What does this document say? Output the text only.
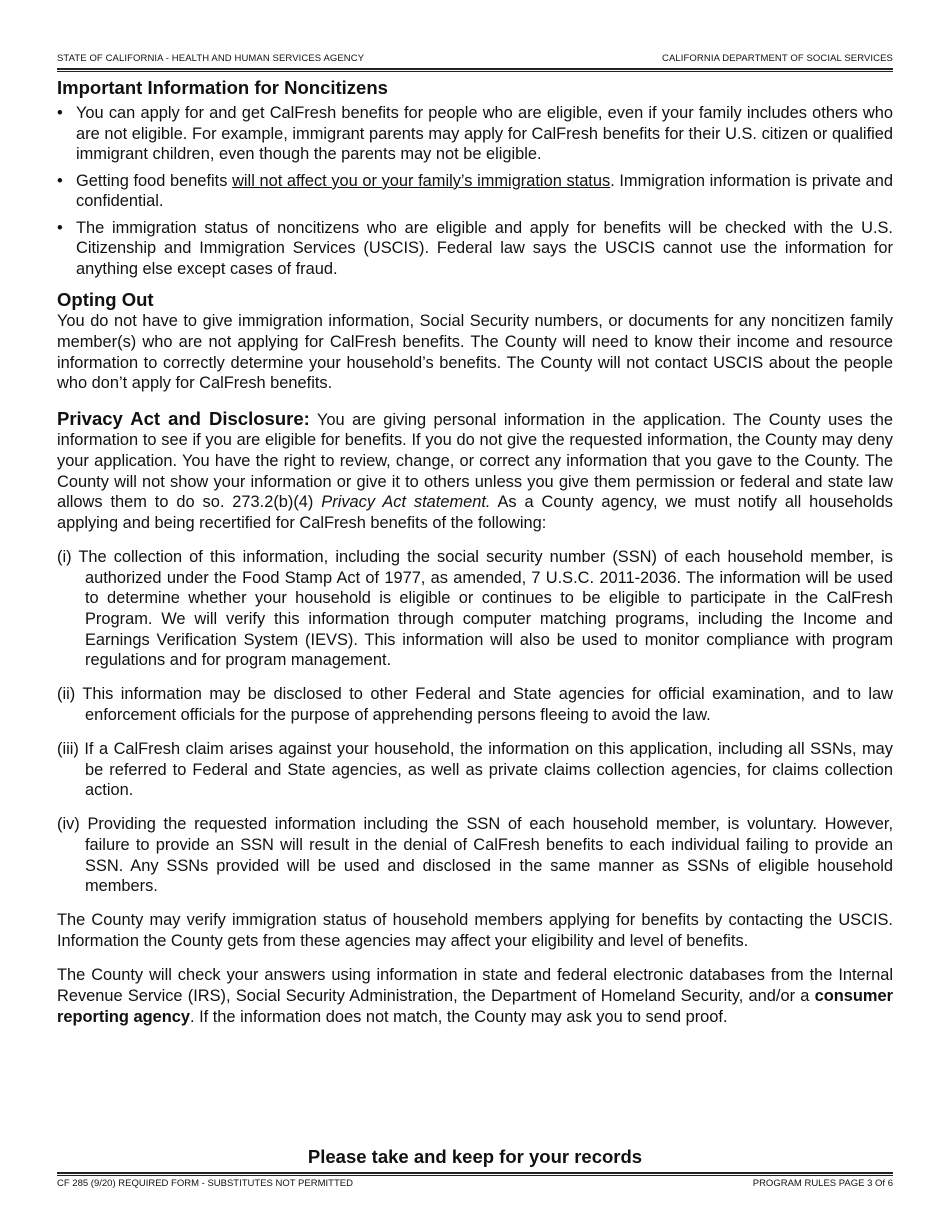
STATE OF CALIFORNIA - HEALTH AND HUMAN SERVICES AGENCY	CALIFORNIA DEPARTMENT OF SOCIAL SERVICES
Important Information for Noncitizens
• You can apply for and get CalFresh benefits for people who are eligible, even if your family includes others who are not eligible. For example, immigrant parents may apply for CalFresh benefits for their U.S. citizen or qualified immigrant children, even though the parents may not be eligible.
• Getting food benefits will not affect you or your family’s immigration status. Immigration information is private and confidential.
• The immigration status of noncitizens who are eligible and apply for benefits will be checked with the U.S. Citizenship and Immigration Services (USCIS). Federal law says the USCIS cannot use the information for anything else except cases of fraud.
Opting Out

You do not have to give immigration information, Social Security numbers, or documents for any noncitizen family member(s) who are not applying for CalFresh benefits. The County will need to know their income and resource information to correctly determine your household’s benefits. The County will not contact USCIS about the people who don’t apply for CalFresh benefits.

Privacy Act and Disclosure: You are giving personal information in the application. The County uses the information to see if you are eligible for benefits. If you do not give the requested information, the County may deny your application. You have the right to review, change, or correct any information that you gave to the County. The County will not show your information or give it to others unless you give them permission or federal and state law allows them to do so. 273.2(b)(4) Privacy Act statement. As a County agency, we must notify all households applying and being recertified for CalFresh benefits of the following:

(i) The collection of this information, including the social security number (SSN) of each household member, is authorized under the Food Stamp Act of 1977, as amended, 7 U.S.C. 2011-2036. The information will be used to determine whether your household is eligible or continues to be eligible to participate in the CalFresh Program. We will verify this information through computer matching programs, including the Income and Earnings Verification System (IEVS). This information will also be used to monitor compliance with program regulations and for program management.
(ii) This information may be disclosed to other Federal and State agencies for official examination, and to law enforcement officials for the purpose of apprehending persons fleeing to avoid the law.
(iii) If a CalFresh claim arises against your household, the information on this application, including all SSNs, may be referred to Federal and State agencies, as well as private claims collection agencies, for claims collection action.
(iv) Providing the requested information including the SSN of each household member, is voluntary. However, failure to provide an SSN will result in the denial of CalFresh benefits to each individual failing to provide an SSN. Any SSNs provided will be used and disclosed in the same manner as SSNs of eligible household members.

The County may verify immigration status of household members applying for benefits by contacting the USCIS. Information the County gets from these agencies may affect your eligibility and level of benefits.

The County will check your answers using information in state and federal electronic databases from the Internal Revenue Service (IRS), Social Security Administration, the Department of Homeland Security, and/or a consumer reporting agency. If the information does not match, the County may ask you to send proof.

Please take and keep for your records
CF 285 (9/20) REQUIRED FORM - SUBSTITUTES NOT PERMITTED	PROGRAM RULES PAGE 3 Of 6
